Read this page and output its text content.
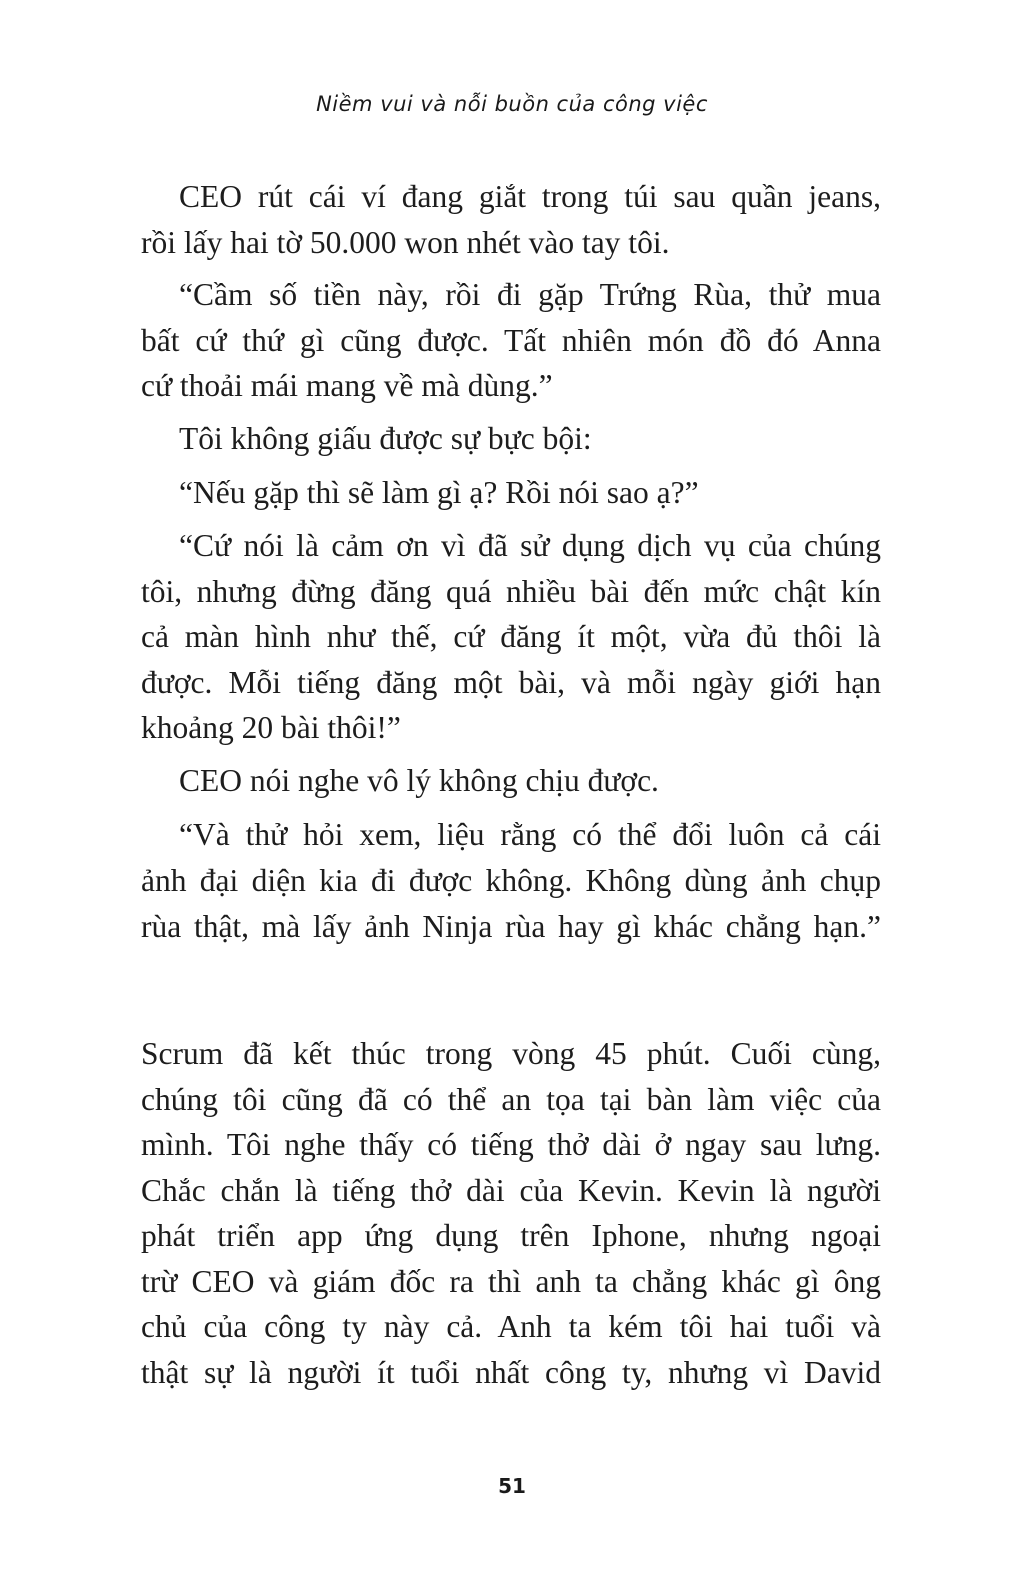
Niềm vui và nỗi buồn của công việc
CEO rút cái ví đang giắt trong túi sau quần jeans,
rồi lấy hai tờ 50.000 won nhét vào tay tôi.
“Cầm số tiền này, rồi đi gặp Trứng Rùa, thử mua
bất cứ thứ gì cũng được. Tất nhiên món đồ đó Anna
cứ thoải mái mang về mà dùng.”
Tôi không giấu được sự bực bội:
“Nếu gặp thì sẽ làm gì ạ? Rồi nói sao ạ?”
“Cứ nói là cảm ơn vì đã sử dụng dịch vụ của chúng
tôi, nhưng đừng đăng quá nhiều bài đến mức chật kín
cả màn hình như thế, cứ đăng ít một, vừa đủ thôi là
được. Mỗi tiếng đăng một bài, và mỗi ngày giới hạn
khoảng 20 bài thôi!”
CEO nói nghe vô lý không chịu được.
“Và thử hỏi xem, liệu rằng có thể đổi luôn cả cái
ảnh đại diện kia đi được không. Không dùng ảnh chụp
rùa thật, mà lấy ảnh Ninja rùa hay gì khác chẳng hạn.”
Scrum đã kết thúc trong vòng 45 phút. Cuối cùng,
chúng tôi cũng đã có thể an tọa tại bàn làm việc của
mình. Tôi nghe thấy có tiếng thở dài ở ngay sau lưng.
Chắc chắn là tiếng thở dài của Kevin. Kevin là người
phát triển app ứng dụng trên Iphone, nhưng ngoại
trừ CEO và giám đốc ra thì anh ta chẳng khác gì ông
chủ của công ty này cả. Anh ta kém tôi hai tuổi và
thật sự là người ít tuổi nhất công ty, nhưng vì David
51
